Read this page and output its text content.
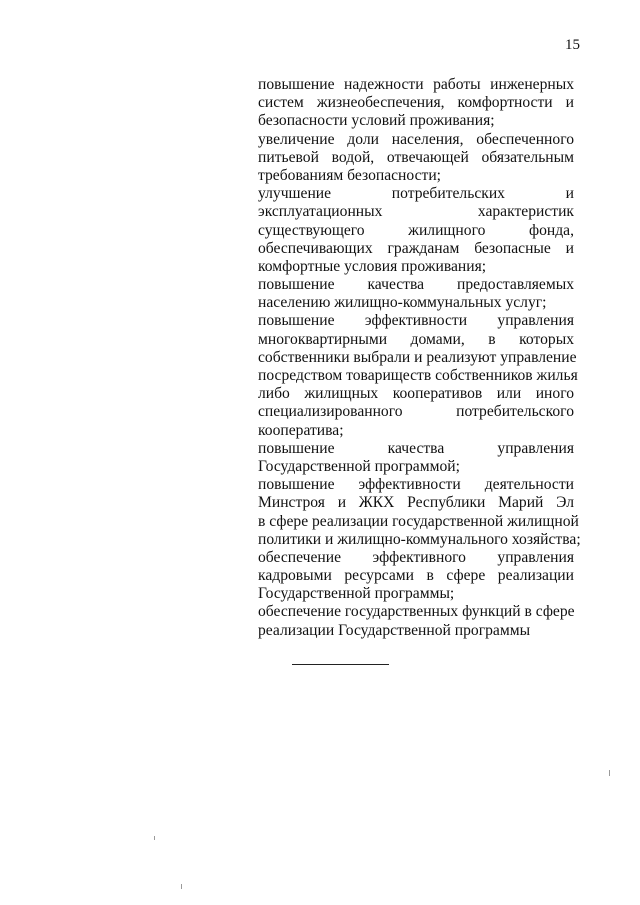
15
повышение надежности работы инженерных
систем жизнеобеспечения, комфортности и
безопасности условий проживания;
увеличение доли населения, обеспеченного
питьевой водой, отвечающей обязательным
требованиям безопасности;
улучшение потребительских и
эксплуатационных характеристик
существующего жилищного фонда,
обеспечивающих гражданам безопасные и
комфортные условия проживания;
повышение качества предоставляемых
населению жилищно-коммунальных услуг;
повышение эффективности управления
многоквартирными домами, в которых
собственники выбрали и реализуют управление
посредством товариществ собственников жилья
либо жилищных кооперативов или иного
специализированного потребительского
кооператива;
повышение качества управления
Государственной программой;
повышение эффективности деятельности
Минстроя и ЖКХ Республики Марий Эл
в сфере реализации государственной жилищной
политики и жилищно-коммунального хозяйства;
обеспечение эффективного управления
кадровыми ресурсами в сфере реализации
Государственной программы;
обеспечение государственных функций в сфере
реализации Государственной программы
